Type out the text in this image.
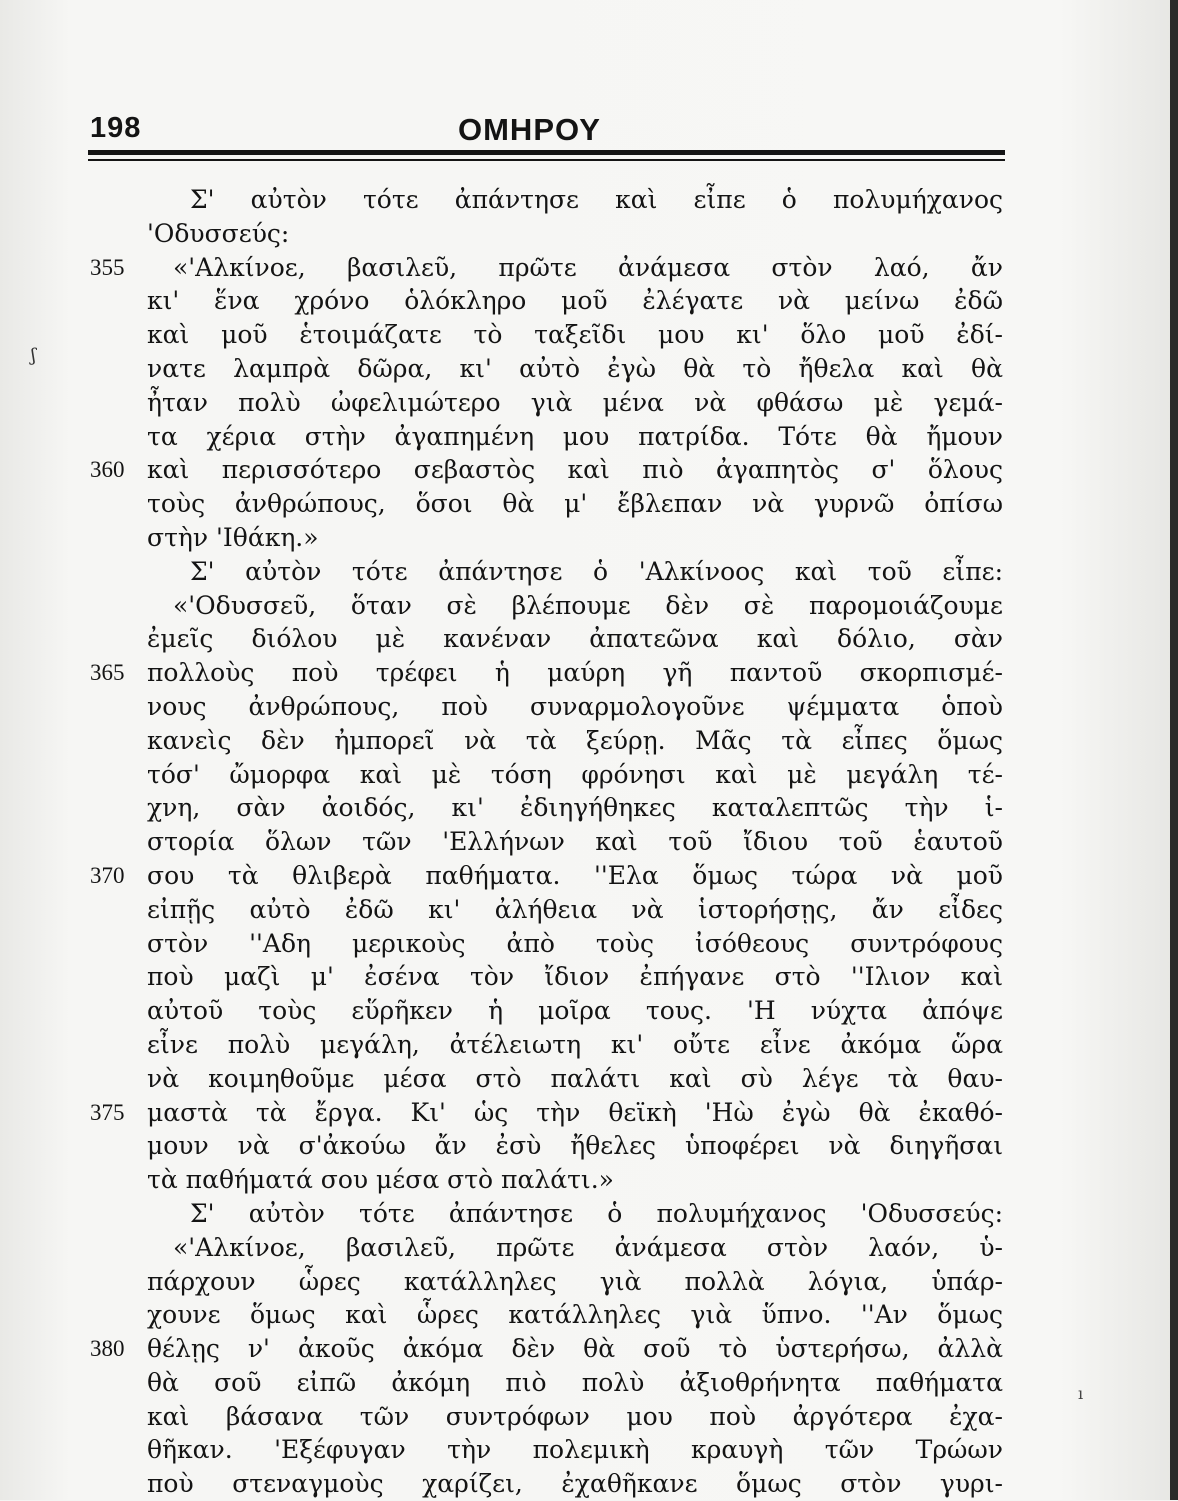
198	ΟΜΗΡΟΥ
ʃ
ı
Σ' αὐτὸν τότε ἀπάντησε καὶ εἶπε ὁ πολυμήχανος
'Οδυσσεύς:
355	«'Αλκίνοε, βασιλεῦ, πρῶτε ἀνάμεσα στὸν λαό, ἄν
κι' ἕνα χρόνο ὁλόκληρο μοῦ ἐλέγατε νὰ μείνω ἐδῶ
καὶ μοῦ ἑτοιμάζατε τὸ ταξεῖδι μου κι' ὅλο μοῦ ἐδί-
νατε λαμπρὰ δῶρα, κι' αὐτὸ ἐγὼ θὰ τὸ ἤθελα καὶ θὰ
ἦταν πολὺ ὠφελιμώτερο γιὰ μένα νὰ φθάσω μὲ γεμά-
τα χέρια στὴν ἀγαπημένη μου πατρίδα. Τότε θὰ ἤμουν
360 καὶ περισσότερο σεβαστὸς καὶ πιὸ ἀγαπητὸς σ' ὅλους
τοὺς ἀνθρώπους, ὅσοι θὰ μ' ἔβλεπαν νὰ γυρνῶ ὀπίσω
στὴν 'Ιθάκη.»
Σ' αὐτὸν τότε ἀπάντησε ὁ 'Αλκίνοος καὶ τοῦ εἶπε:
«'Οδυσσεῦ, ὅταν σὲ βλέπουμε δὲν σὲ παρομοιάζουμε
ἐμεῖς διόλου μὲ κανέναν ἀπατεῶνα καὶ δόλιο, σὰν
365 πολλοὺς ποὺ τρέφει ἡ μαύρη γῆ παντοῦ σκορπισμέ-
νους ἀνθρώπους, ποὺ συναρμολογοῦνε ψέμματα ὁποὺ
κανεὶς δὲν ἠμπορεῖ νὰ τὰ ξεύρῃ. Μᾶς τὰ εἶπες ὅμως
τόσ' ὤμορφα καὶ μὲ τόση φρόνησι καὶ μὲ μεγάλη τέ-
χνη, σὰν ἀοιδός, κι' ἐδιηγήθηκες καταλεπτῶς τὴν ἱ-
στορία ὅλων τῶν 'Ελλήνων καὶ τοῦ ἴδιου τοῦ ἑαυτοῦ
370 σου τὰ θλιβερὰ παθήματα. ''Ελα ὅμως τώρα νὰ μοῦ
εἰπῇς αὐτὸ ἐδῶ κι' ἀλήθεια νὰ ἱστορήσῃς, ἄν εἶδες
στὸν ''Αδη μερικοὺς ἀπὸ τοὺς ἰσόθεους συντρόφους
ποὺ μαζὶ μ' ἐσένα τὸν ἴδιον ἐπήγανε στὸ ''Ιλιον καὶ
αὐτοῦ τοὺς εὕρῆκεν ἡ μοῖρα τους. 'Η νύχτα ἀπόψε
εἶνε πολὺ μεγάλη, ἀτέλειωτη κι' οὔτε εἶνε ἀκόμα ὥρα
νὰ κοιμηθοῦμε μέσα στὸ παλάτι καὶ σὺ λέγε τὰ θαυ-
375 μαστὰ τὰ ἔργα. Κι' ὡς τὴν θεϊκὴ 'Ηὼ ἐγὼ θὰ ἐκαθό-
μουν νὰ σ'ἀκούω ἄν ἐσὺ ἤθελες ὑποφέρει νὰ διηγῆσαι
τὰ παθήματά σου μέσα στὸ παλάτι.»
Σ' αὐτὸν τότε ἀπάντησε ὁ πολυμήχανος 'Οδυσσεύς:
«'Αλκίνοε, βασιλεῦ, πρῶτε ἀνάμεσα στὸν λαόν, ὑ-
πάρχουν ὧρες κατάλληλες γιὰ πολλὰ λόγια, ὑπάρ-
χουνε ὅμως καὶ ὧρες κατάλληλες γιὰ ὕπνο. ''Αν ὅμως
380 θέλῃς ν' ἀκοῦς ἀκόμα δὲν θὰ σοῦ τὸ ὑστερήσω, ἀλλὰ
θὰ σοῦ εἰπῶ ἀκόμη πιὸ πολὺ ἀξιοθρήνητα παθήματα
καὶ βάσανα τῶν συντρόφων μου ποὺ ἀργότερα ἐχα-
θῆκαν. 'Εξέφυγαν τὴν πολεμικὴ κραυγὴ τῶν Τρώων
ποὺ στεναγμοὺς χαρίζει, ἐχαθῆκανε ὅμως στὸν γυρι-
